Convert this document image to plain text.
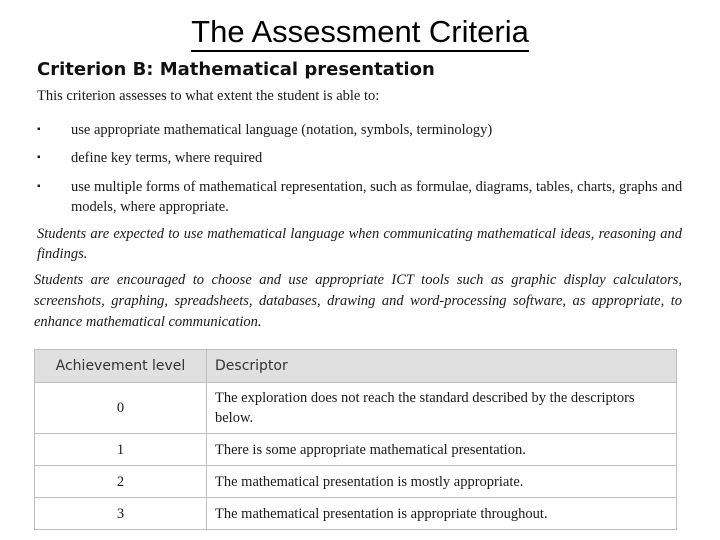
The Assessment Criteria
Criterion B: Mathematical presentation
This criterion assesses to what extent the student is able to:
▪ use appropriate mathematical language (notation, symbols, terminology)
▪ define key terms, where required
▪ use multiple forms of mathematical representation, such as formulae, diagrams, tables, charts, graphs and models, where appropriate.
Students are expected to use mathematical language when communicating mathematical ideas, reasoning and findings.
Students are encouraged to choose and use appropriate ICT tools such as graphic display calculators, screenshots, graphing, spreadsheets, databases, drawing and word-processing software, as appropriate, to enhance mathematical communication.
Achievement level	Descriptor
0	The exploration does not reach the standard described by the descriptors below.
1	There is some appropriate mathematical presentation.
2	The mathematical presentation is mostly appropriate.
3	The mathematical presentation is appropriate throughout.
